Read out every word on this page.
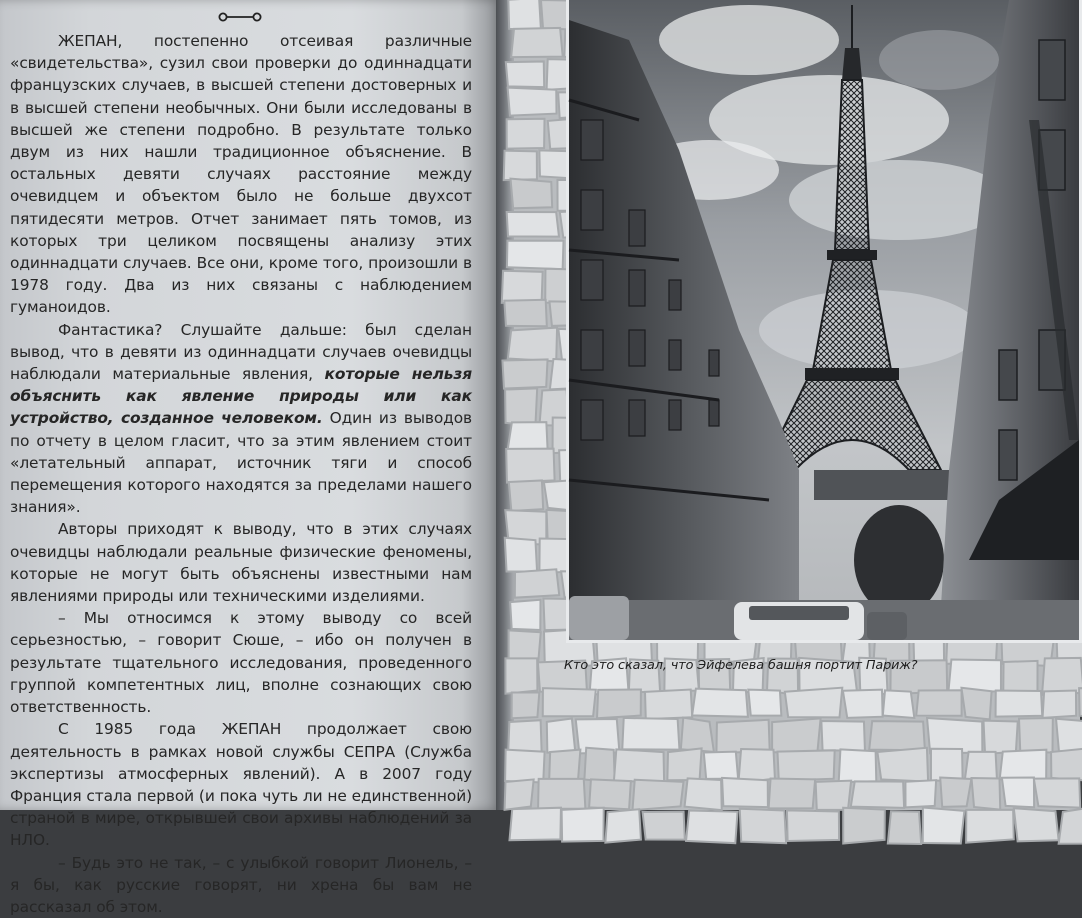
ЖЕПАН, постепенно отсеивая различные «свидетельства», сузил свои проверки до одиннадцати французских случаев, в высшей степени достоверных и в высшей степени необычных. Они были исследованы в высшей же степени подробно. В результате только двум из них нашли традиционное объяснение. В остальных девяти случаях расстояние между очевидцем и объектом было не больше двухсот пятидесяти метров. Отчет занимает пять томов, из которых три целиком посвящены анализу этих одиннадцати случаев. Все они, кроме того, произошли в 1978 году. Два из них связаны с наблюдением гуманоидов.

Фантастика? Слушайте дальше: был сделан вывод, что в девяти из одиннадцати случаев очевидцы наблюдали материальные явления, которые нельзя объяснить как явление природы или как устройство, созданное человеком. Один из выводов по отчету в целом гласит, что за этим явлением стоит «летательный аппарат, источник тяги и способ перемещения которого находятся за пределами нашего знания».

Авторы приходят к выводу, что в этих случаях очевидцы наблюдали реальные физические феномены, которые не могут быть объяснены известными нам явлениями природы или техническими изделиями.

– Мы относимся к этому выводу со всей серьезностью, – говорит Сюше, – ибо он получен в результате тщательного исследования, проведенного группой компетентных лиц, вполне сознающих свою ответственность.

С 1985 года ЖЕПАН продолжает свою деятельность в рамках новой службы СЕПРА (Служба экспертизы атмосферных явлений). А в 2007 году Франция стала первой (и пока чуть ли не единственной) страной в мире, открывшей свои архивы наблюдений за НЛО.

– Будь это не так, – с улыбкой говорит Лионель, – я бы, как русские говорят, ни хрена бы вам не рассказал об этом.

Кто это сказал, что Эйфелева башня портит Париж?
